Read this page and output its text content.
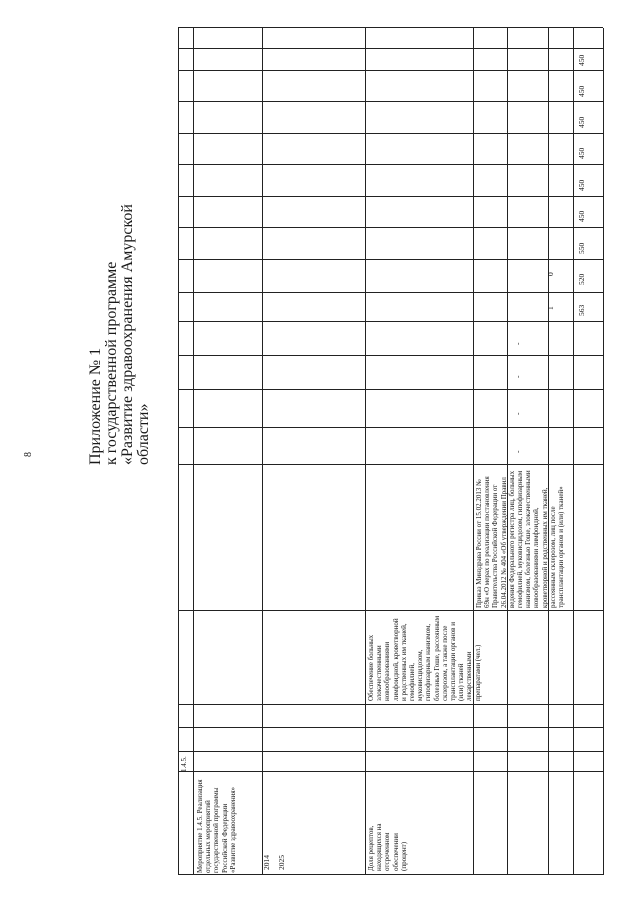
8	Приложение № 1 к государственной программе «Развитие здравоохранения Амурской области»
1.4.5.
Мероприятие 1.4.5. Реализация отдельных мероприятий государственной программы Российской Федерации «Развитие здравоохранения»	2014 2025
Обеспечение больных злокачественными новообразованиями лимфоидной, кроветворной и родственных им тканей, гемофилией, муковисцидозом, гипофизарным нанизмом, болезнью Гоше, рассеянным склерозом, а также после трансплантации органов и (или) тканей лекарственными препаратами (чел.)
Доля рецептов, находящихся на отсроченном обеспечении (процент)
Приказ Минздрава России от 15.02.2013 № 69н «О мерах по реализации постановления Правительства Российской Федерации от 26.04.2012 № 404 «Об утверждении Правил ведения Федерального регистра лиц, больных гемофилией, муковисцидозом, гипофизарным нанизмом, болезнью Гоше, злокачественными новообразованиями лимфоидной, кроветворной и родственных им тканей, рассеянным склерозом, лиц после трансплантации органов и (или) тканей»
-
-
-
-
563
520
550
450
450
450
450
450
450
1
0
